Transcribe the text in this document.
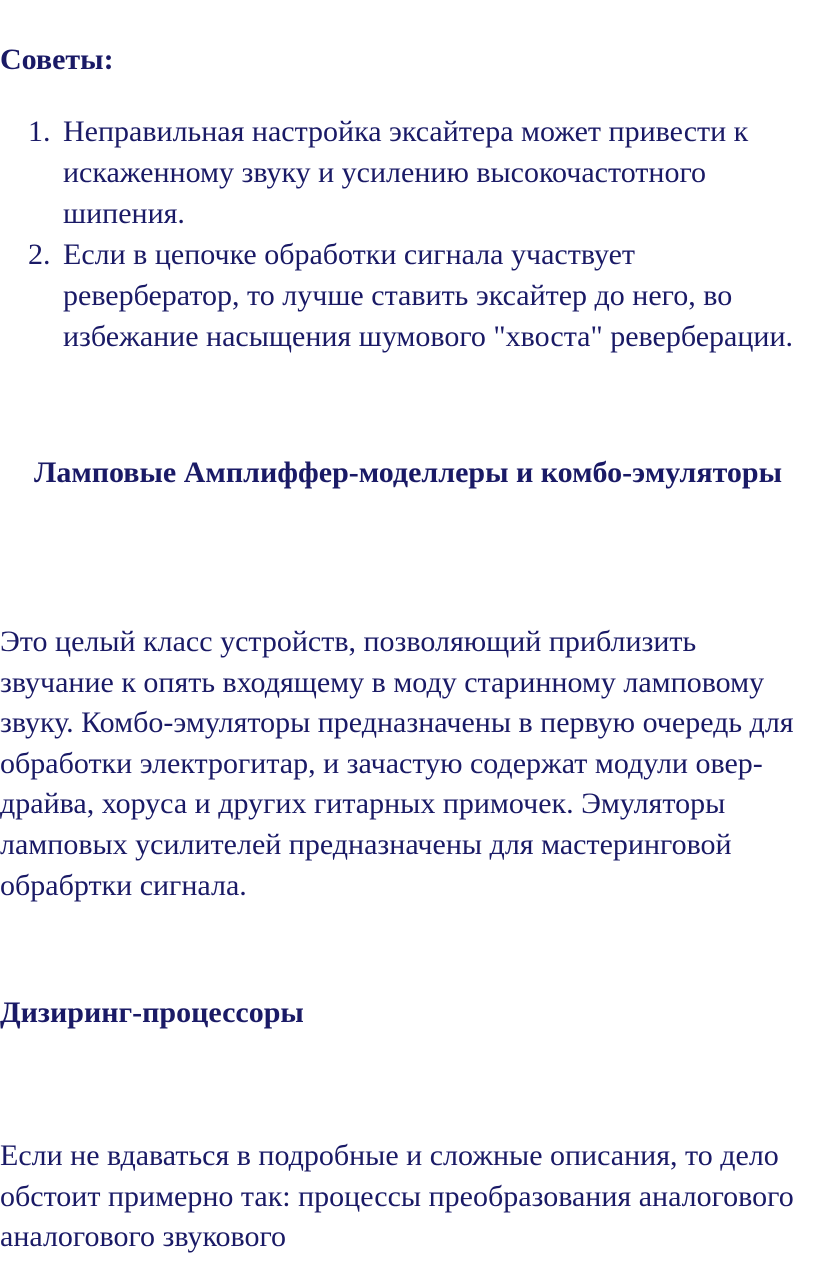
Советы:
1. Неправильная настройка эксайтера может привести к искаженному звуку и усилению высокочастотного шипения.
2. Если в цепочке обработки сигнала участвует ревербератор, то лучше ставить эксайтер до него, во избежание насыщения шумового "хвоста" реверберации.
Ламповые Амплиффер-моделлеры и комбо-эмуляторы

Это целый класс устройств, позволяющий приблизить звучание к опять входящему в моду старинному ламповому звуку. Комбо-эмуляторы предназначены в первую очередь для обработки электрогитар, и зачастую содержат модули овер-драйва, хоруса и других гитарных примочек. Эмуляторы ламповых усилителей предназначены для мастеринговой обрабртки сигнала.

Дизиринг-процессоры

Если не вдаваться в подробные и сложные описания, то дело обстоит примерно так: процессы преобразования аналогового аналогового звукового
